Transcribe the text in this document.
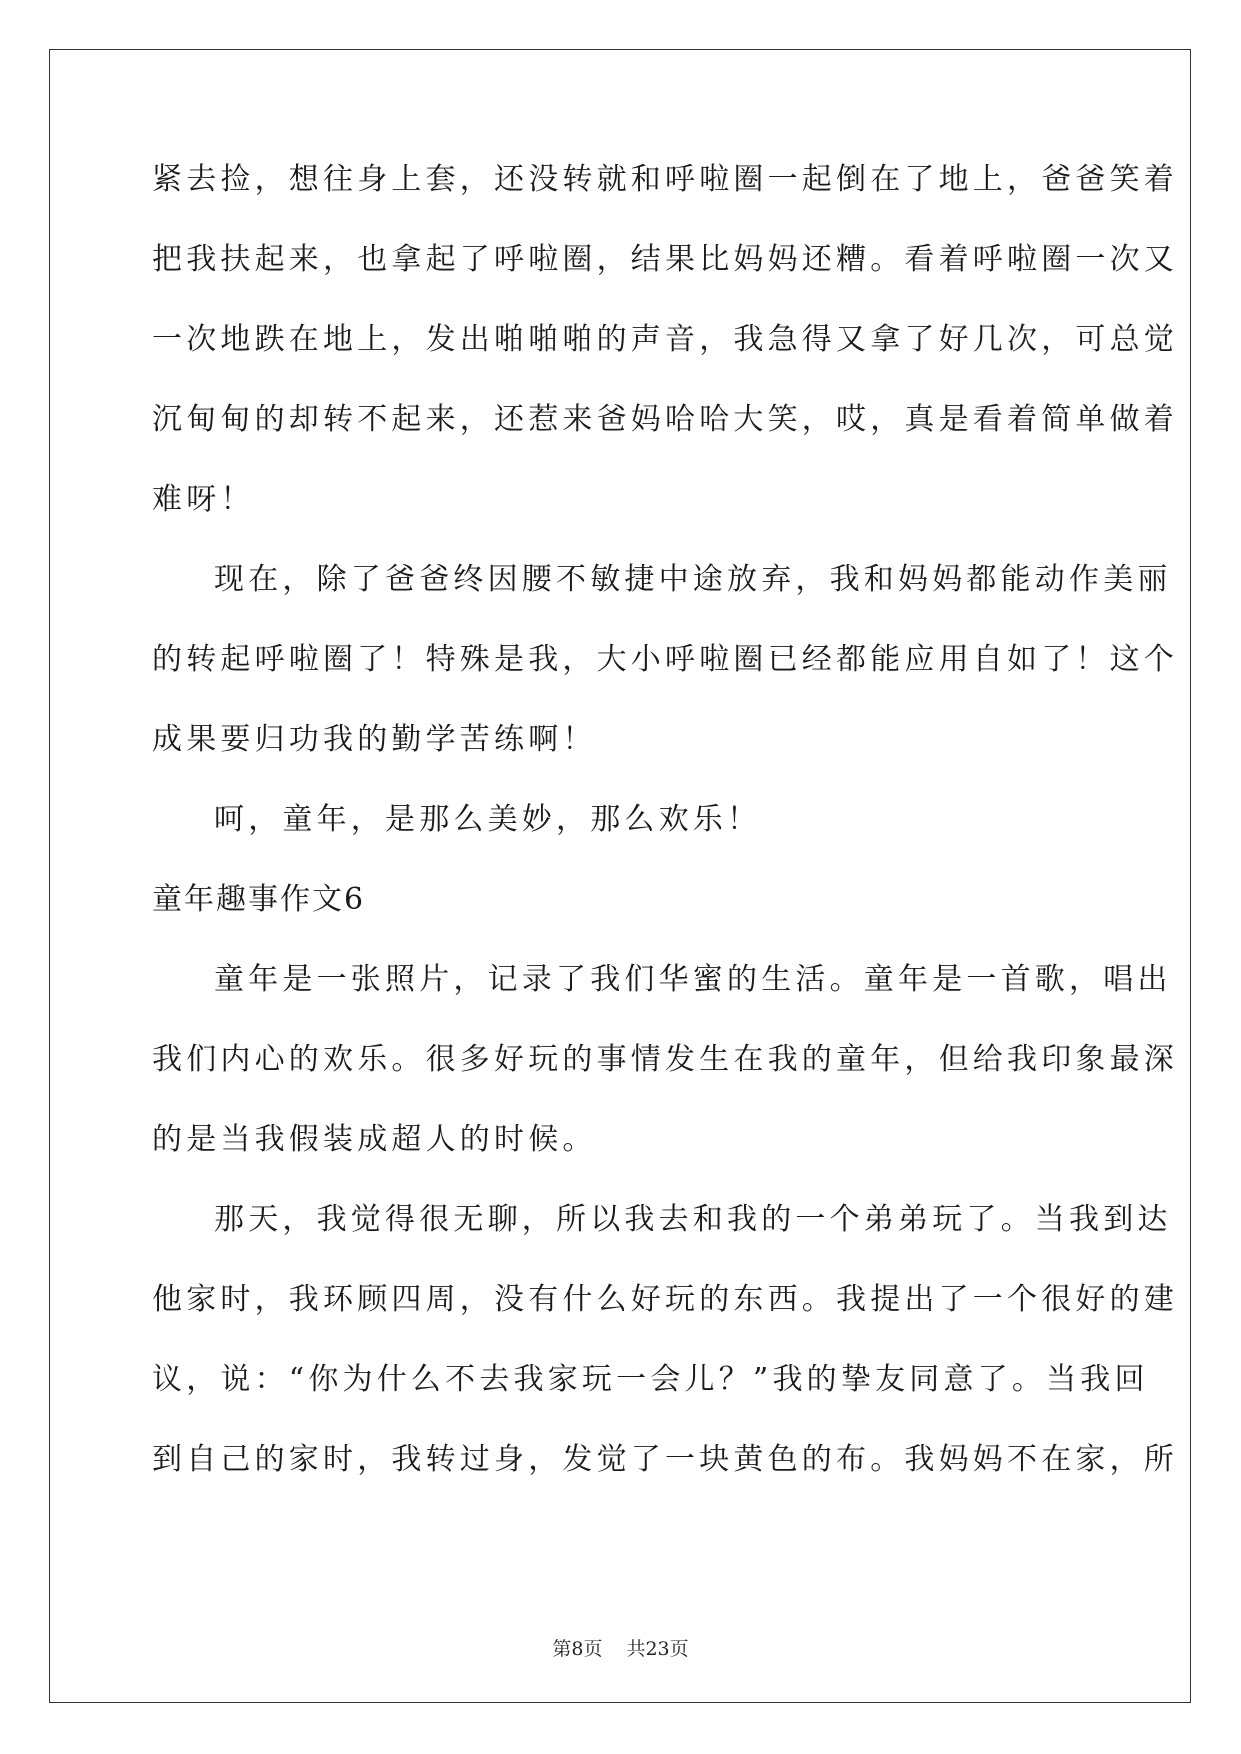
紧去捡，想往身上套，还没转就和呼啦圈一起倒在了地上，爸爸笑着
把我扶起来，也拿起了呼啦圈，结果比妈妈还糟。看着呼啦圈一次又
一次地跌在地上，发出啪啪啪的声音，我急得又拿了好几次，可总觉
沉甸甸的却转不起来，还惹来爸妈哈哈大笑，哎，真是看着简单做着
难呀！
现在，除了爸爸终因腰不敏捷中途放弃，我和妈妈都能动作美丽
的转起呼啦圈了！特殊是我，大小呼啦圈已经都能应用自如了！这个
成果要归功我的勤学苦练啊！
呵，童年，是那么美妙，那么欢乐！
童年趣事作文6
童年是一张照片，记录了我们华蜜的生活。童年是一首歌，唱出
我们内心的欢乐。很多好玩的事情发生在我的童年，但给我印象最深
的是当我假装成超人的时候。
那天，我觉得很无聊，所以我去和我的一个弟弟玩了。当我到达
他家时，我环顾四周，没有什么好玩的东西。我提出了一个很好的建
议，说：“你为什么不去我家玩一会儿？”我的挚友同意了。当我回
到自己的家时，我转过身，发觉了一块黄色的布。我妈妈不在家，所
第8页 共23页
